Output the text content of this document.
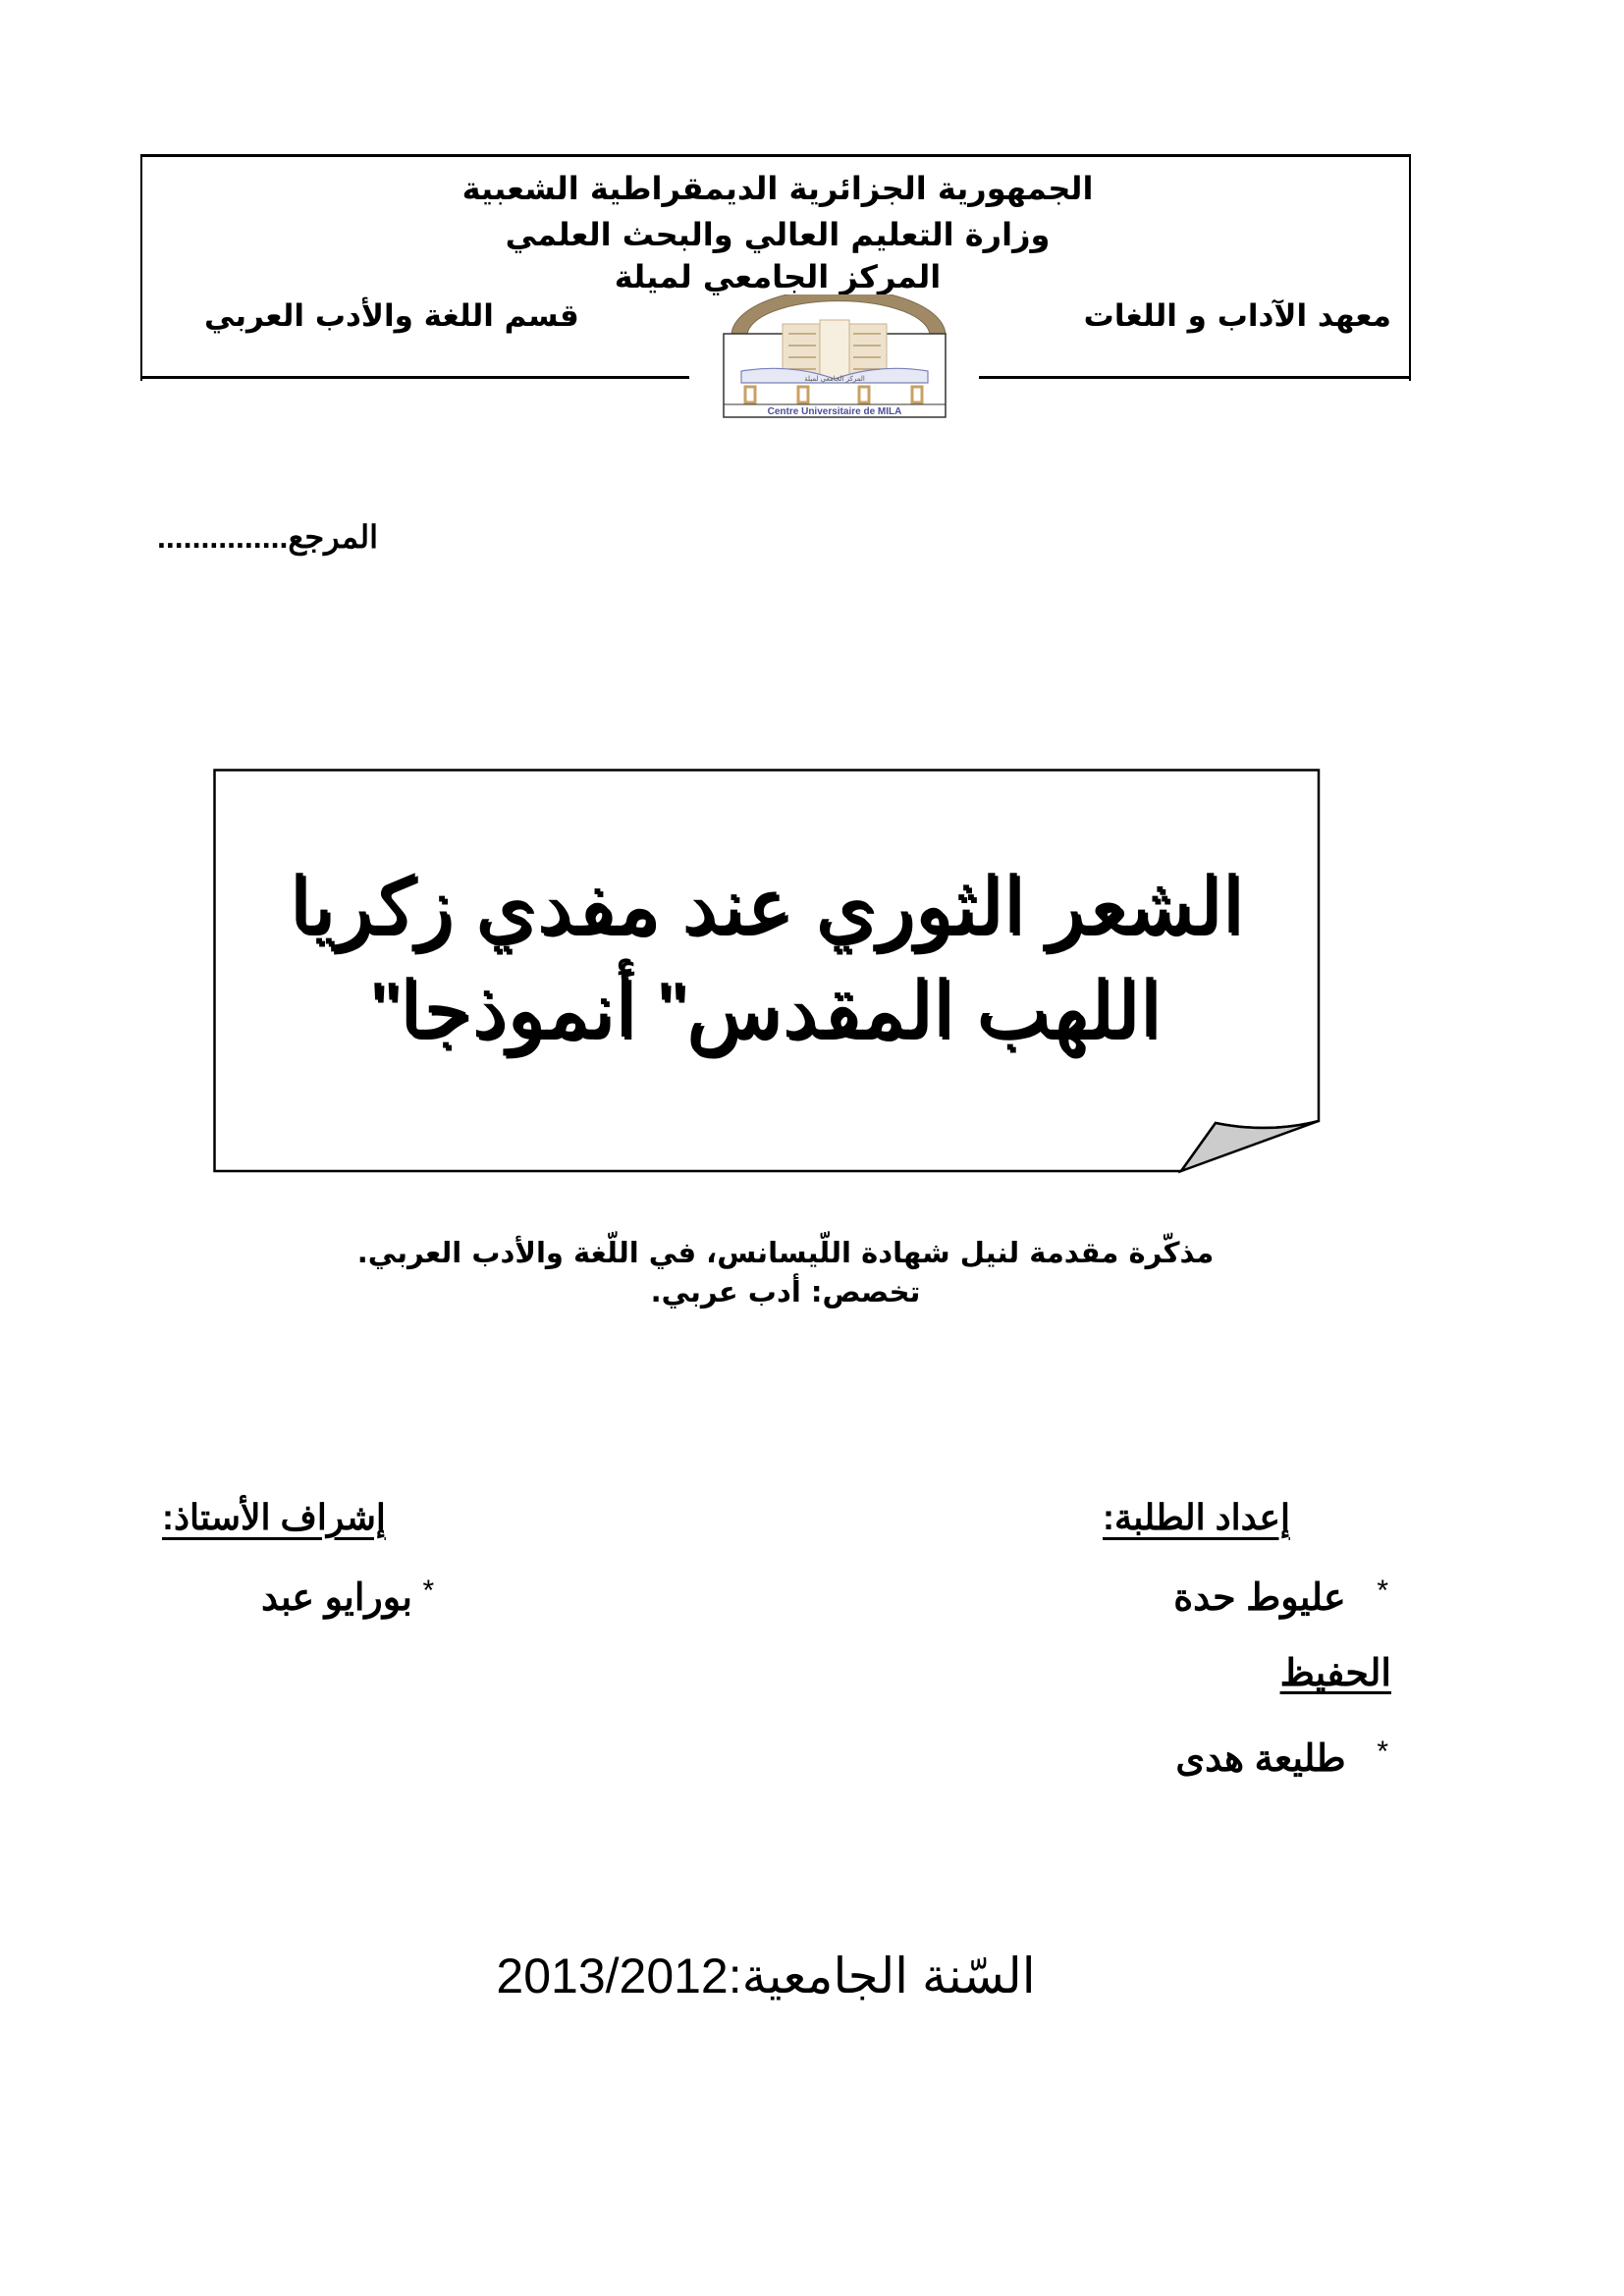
الجمهورية الجزائرية الديمقراطية الشعبية
وزارة التعليم العالي والبحث العلمي
المركز الجامعي لميلة
معهد الآداب و اللغات
قسم اللغة والأدب العربي
المركز الجامعي لميلة
Centre Universitaire de MILA
...............المرجع
الشعر الثوري عند مفدي زكريا
اللهب المقدس" أنموذجا"
مذكّرة مقدمة لنيل شهادة اللّيسانس، في اللّغة والأدب العربي.
تخصص: أدب عربي.
إعداد الطلبة:
*   عليوط حدة
الحفيظ
*   طليعة هدى
إشراف الأستاذ:
* بورايو عبد
2013/2012السّنة الجامعية:
